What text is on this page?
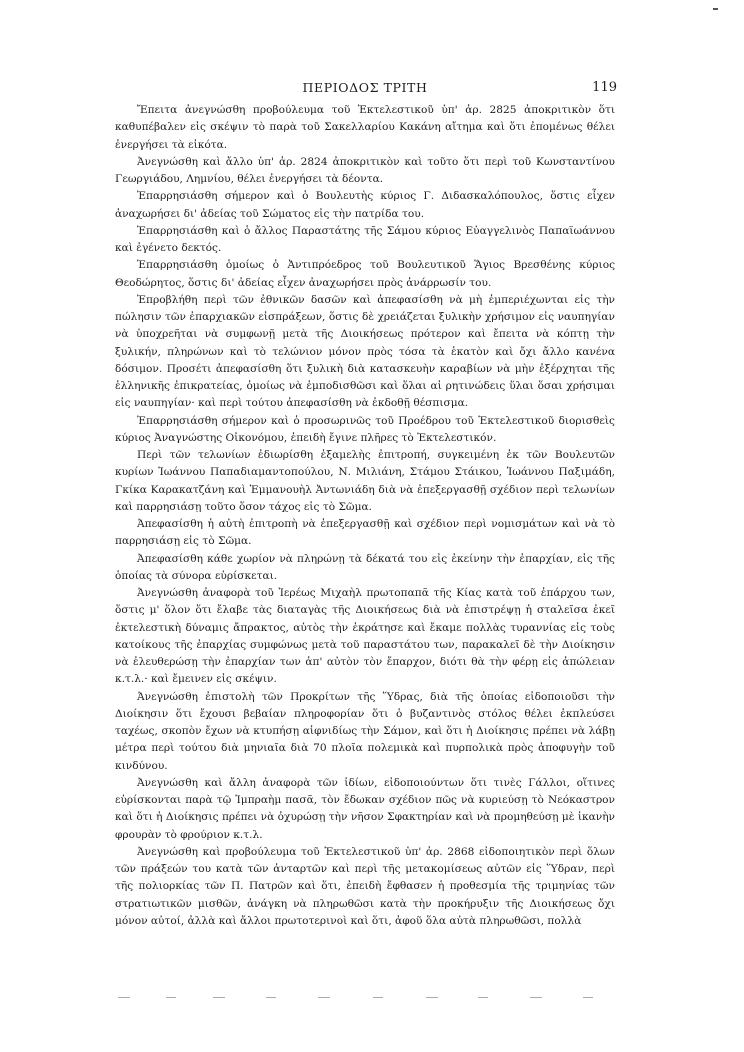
ΠΕΡΙΟΔΟΣ ΤΡΙΤΗ	119

Ἔπειτα ἀνεγνώσθη προβούλευμα τοῦ Ἐκτελεστικοῦ ὑπ' ἀρ. 2825 ἀποκριτικὸν ὅτι καθυπέβαλεν εἰς σκέψιν τὸ παρὰ τοῦ Σακελλαρίου Κακάνη αἴτημα καὶ ὅτι ἐπομένως θέλει ἐνεργήσει τὰ εἰκότα.

Ἀνεγνώσθη καὶ ἄλλο ὑπ' ἀρ. 2824 ἀποκριτικὸν καὶ τοῦτο ὅτι περὶ τοῦ Κωνσταντίνου Γεωργιάδου, Λημνίου, θέλει ἐνεργήσει τὰ δέοντα.

Ἐπαρρησιάσθη σήμερον καὶ ὁ Βουλευτὴς κύριος Γ. Διδασκαλόπουλος, ὅστις εἶχεν ἀναχωρήσει δι' ἀδείας τοῦ Σώματος εἰς τὴν πατρίδα του.

Ἐπαρρησιάσθη καὶ ὁ ἄλλος Παραστάτης τῆς Σάμου κύριος Εὐαγγελινὸς Παπαϊωάννου καὶ ἐγένετο δεκτός.

Ἐπαρρησιάσθη ὁμοίως ὁ Ἀντιπρόεδρος τοῦ Βουλευτικοῦ Ἅγιος Βρεσθένης κύριος Θεοδώρητος, ὅστις δι' ἀδείας εἶχεν ἀναχωρήσει πρὸς ἀνάρρωσίν του.

Ἐπροβλήθη περὶ τῶν ἐθνικῶν δασῶν καὶ ἀπεφασίσθη νὰ μὴ ἐμπεριέχωνται εἰς τὴν πώλησιν τῶν ἐπαρχιακῶν εἰσπράξεων, ὅστις δὲ χρειάζεται ξυλικὴν χρήσιμον εἰς ναυπηγίαν νὰ ὑποχρεῆται νὰ συμφωνῇ μετὰ τῆς Διοικήσεως πρότερον καὶ ἔπειτα νὰ κόπτῃ τὴν ξυλικήν, πληρώνων καὶ τὸ τελώνιον μόνον πρὸς τόσα τὰ ἑκατὸν καὶ ὄχι ἄλλο κανένα δόσιμον. Προσέτι ἀπεφασίσθη ὅτι ξυλικὴ διὰ κατασκευὴν καραβίων νὰ μὴν ἐξέρχηται τῆς ἑλληνικῆς ἐπικρατείας, ὁμοίως νὰ ἐμποδισθῶσι καὶ ὅλαι αἱ ρητινώδεις ὕλαι ὅσαι χρήσιμαι εἰς ναυπηγίαν· καὶ περὶ τούτου ἀπεφασίσθη νὰ ἐκδοθῇ θέσπισμα.

Ἐπαρρησιάσθη σήμερον καὶ ὁ προσωρινῶς τοῦ Προέδρου τοῦ Ἐκτελεστικοῦ διορισθεὶς κύριος Ἀναγνώστης Οἰκονόμου, ἐπειδὴ ἔγινε πλῆρες τὸ Ἐκτελεστικόν.

Περὶ τῶν τελωνίων ἐδιωρίσθη ἐξαμελὴς ἐπιτροπή, συγκειμένη ἐκ τῶν Βουλευτῶν κυρίων Ἰωάννου Παπαδιαμαντοπούλου, Ν. Μιλιάνη, Στάμου Στάικου, Ἰωάννου Παξιμάδη, Γκίκα Καρακατζάνη καὶ Ἐμμανουὴλ Ἀντωνιάδη διὰ νὰ ἐπεξεργασθῇ σχέδιον περὶ τελωνίων καὶ παρρησιάσῃ τοῦτο ὅσον τάχος εἰς τὸ Σῶμα.

Ἀπεφασίσθη ἡ αὐτὴ ἐπιτροπὴ νὰ ἐπεξεργασθῇ καὶ σχέδιον περὶ νομισμάτων καὶ νὰ τὸ παρρησιάσῃ εἰς τὸ Σῶμα.

Ἀπεφασίσθη κάθε χωρίον νὰ πληρώνῃ τὰ δέκατά του εἰς ἐκείνην τὴν ἐπαρχίαν, εἰς τῆς ὁποίας τὰ σύνορα εὑρίσκεται.

Ἀνεγνώσθη ἀναφορὰ τοῦ Ἱερέως Μιχαὴλ πρωτοπαπᾶ τῆς Κίας κατὰ τοῦ ἐπάρχου των, ὅστις μ' ὅλον ὅτι ἔλαβε τὰς διαταγὰς τῆς Διοικήσεως διὰ νὰ ἐπιστρέψῃ ἡ σταλεῖσα ἐκεῖ ἐκτελεστικὴ δύναμις ἄπρακτος, αὐτὸς τὴν ἐκράτησε καὶ ἔκαμε πολλὰς τυραννίας εἰς τοὺς κατοίκους τῆς ἐπαρχίας συμφώνως μετὰ τοῦ παραστάτου των, παρακαλεῖ δὲ τὴν Διοίκησιν νὰ ἐλευθερώσῃ τὴν ἐπαρχίαν των ἀπ' αὐτὸν τὸν ἔπαρχον, διότι θὰ τὴν φέρῃ εἰς ἀπώλειαν κ.τ.λ.· καὶ ἔμεινεν εἰς σκέψιν.

Ἀνεγνώσθη ἐπιστολὴ τῶν Προκρίτων τῆς Ὕδρας, διὰ τῆς ὁποίας εἰδοποιοῦσι τὴν Διοίκησιν ὅτι ἔχουσι βεβαίαν πληροφορίαν ὅτι ὁ βυζαντινὸς στόλος θέλει ἐκπλεύσει ταχέως, σκοπὸν ἔχων νὰ κτυπήσῃ αἰφνιδίως τὴν Σάμον, καὶ ὅτι ἡ Διοίκησις πρέπει νὰ λάβῃ μέτρα περὶ τούτου διὰ μηνιαῖα διὰ 70 πλοῖα πολεμικὰ καὶ πυρπολικὰ πρὸς ἀποφυγὴν τοῦ κινδύνου.

Ἀνεγνώσθη καὶ ἄλλη ἀναφορὰ τῶν ἰδίων, εἰδοποιούντων ὅτι τινὲς Γάλλοι, οἵτινες εὑρίσκονται παρὰ τῷ Ἰμπραὴμ πασᾶ, τὸν ἔδωκαν σχέδιον πῶς νὰ κυριεύσῃ τὸ Νεόκαστρον καὶ ὅτι ἡ Διοίκησις πρέπει νὰ ὀχυρώσῃ τὴν νῆσον Σφακτηρίαν καὶ νὰ προμηθεύσῃ μὲ ἱκανὴν φρουρὰν τὸ φρούριον κ.τ.λ.

Ἀνεγνώσθη καὶ προβούλευμα τοῦ Ἐκτελεστικοῦ ὑπ' ἀρ. 2868 εἰδοποιητικὸν περὶ ὅλων τῶν πράξεών του κατὰ τῶν ἀνταρτῶν καὶ περὶ τῆς μετακομίσεως αὐτῶν εἰς Ὕδραν, περὶ τῆς πολιορκίας τῶν Π. Πατρῶν καὶ ὅτι, ἐπειδὴ ἔφθασεν ἡ προθεσμία τῆς τριμηνίας τῶν στρατιωτικῶν μισθῶν, ἀνάγκη νὰ πληρωθῶσι κατὰ τὴν προκήρυξιν τῆς Διοικήσεως ὄχι μόνον αὐτοί, ἀλλὰ καὶ ἄλλοι πρωτοτερινοὶ καὶ ὅτι, ἀφοῦ ὅλα αὐτὰ πληρωθῶσι, πολλὰ
